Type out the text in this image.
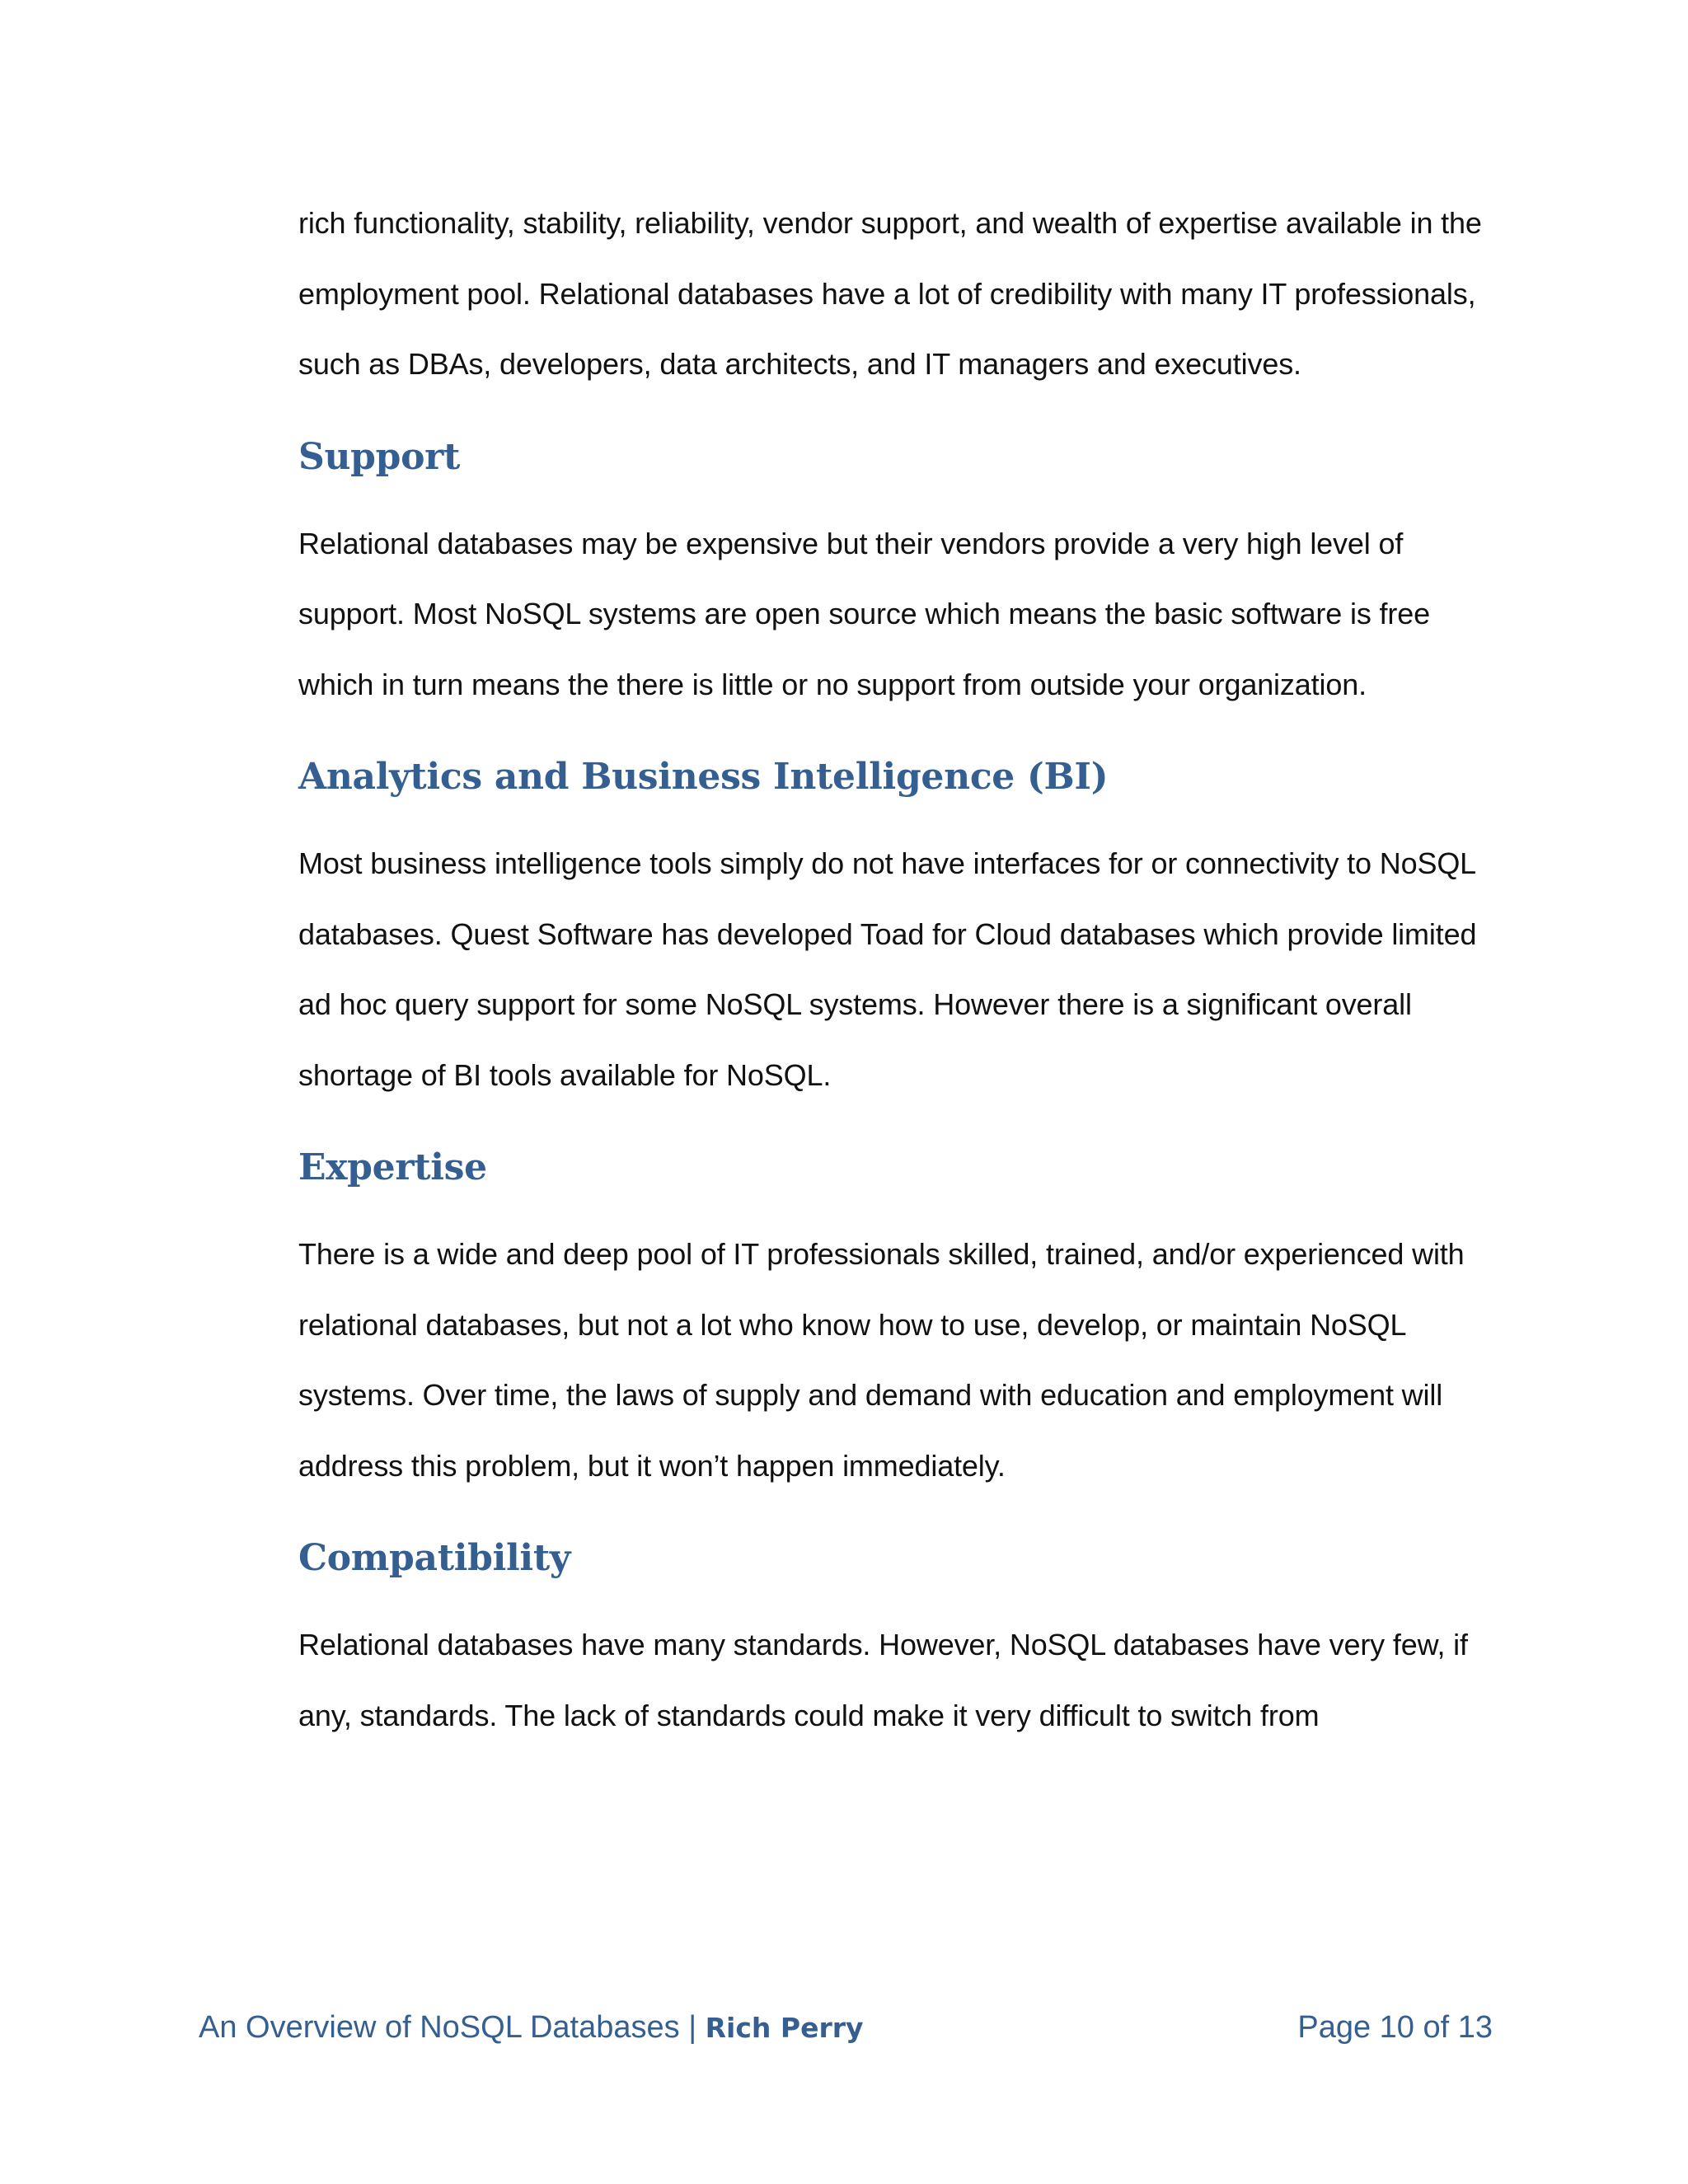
rich functionality, stability, reliability, vendor support, and wealth of expertise available in the employment pool. Relational databases have a lot of credibility with many IT professionals, such as DBAs, developers, data architects, and IT managers and executives.

Support

Relational databases may be expensive but their vendors provide a very high level of support. Most NoSQL systems are open source which means the basic software is free which in turn means the there is little or no support from outside your organization.

Analytics and Business Intelligence (BI)

Most business intelligence tools simply do not have interfaces for or connectivity to NoSQL databases. Quest Software has developed Toad for Cloud databases which provide limited ad hoc query support for some NoSQL systems. However there is a significant overall shortage of BI tools available for NoSQL.

Expertise

There is a wide and deep pool of IT professionals skilled, trained, and/or experienced with relational databases, but not a lot who know how to use, develop, or maintain NoSQL systems. Over time, the laws of supply and demand with education and employment will address this problem, but it won’t happen immediately.

Compatibility

Relational databases have many standards. However, NoSQL databases have very few, if any, standards. The lack of standards could make it very difficult to switch from

An Overview of NoSQL Databases | Rich Perry	Page 10 of 13
